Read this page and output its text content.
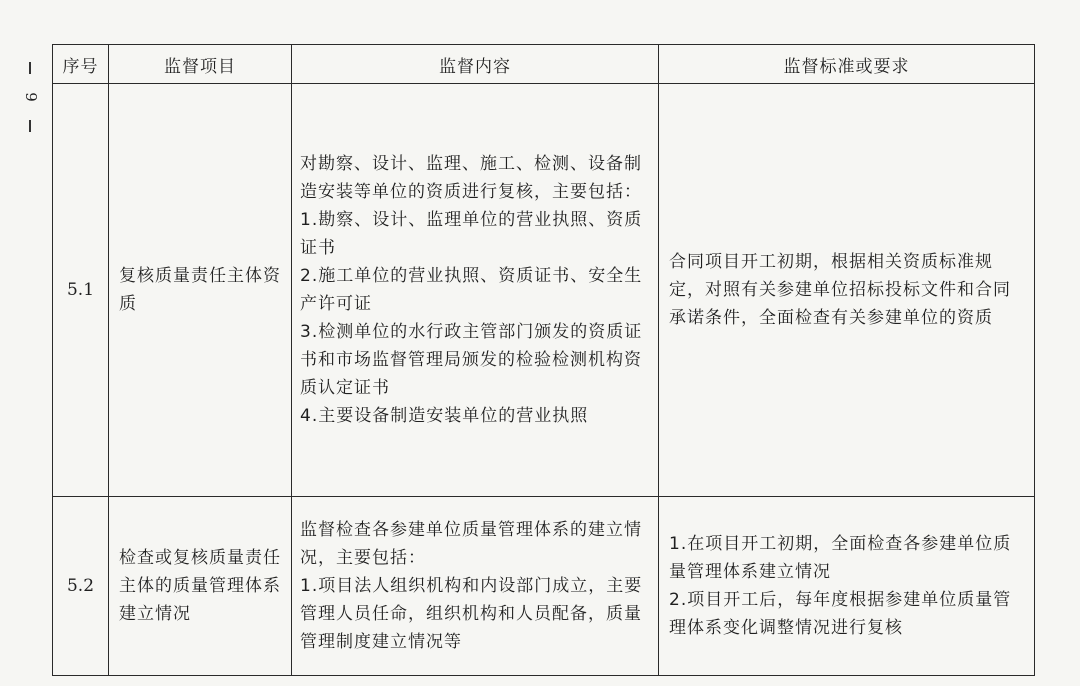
9
序号	监督项目	监督内容	监督标准或要求
5.1	复核质量责任主体资质	对勘察、设计、监理、施工、检测、设备制造安装等单位的资质进行复核，主要包括：
1.勘察、设计、监理单位的营业执照、资质证书
2.施工单位的营业执照、资质证书、安全生产许可证
3.检测单位的水行政主管部门颁发的资质证书和市场监督管理局颁发的检验检测机构资质认定证书
4.主要设备制造安装单位的营业执照	合同项目开工初期，根据相关资质标准规定，对照有关参建单位招标投标文件和合同承诺条件，全面检查有关参建单位的资质

5.2	检查或复核质量责任主体的质量管理体系建立情况	监督检查各参建单位质量管理体系的建立情况，主要包括：
1.项目法人组织机构和内设部门成立，主要管理人员任命，组织机构和人员配备，质量管理制度建立情况等	1.在项目开工初期，全面检查各参建单位质量管理体系建立情况
2.项目开工后，每年度根据参建单位质量管理体系变化调整情况进行复核
